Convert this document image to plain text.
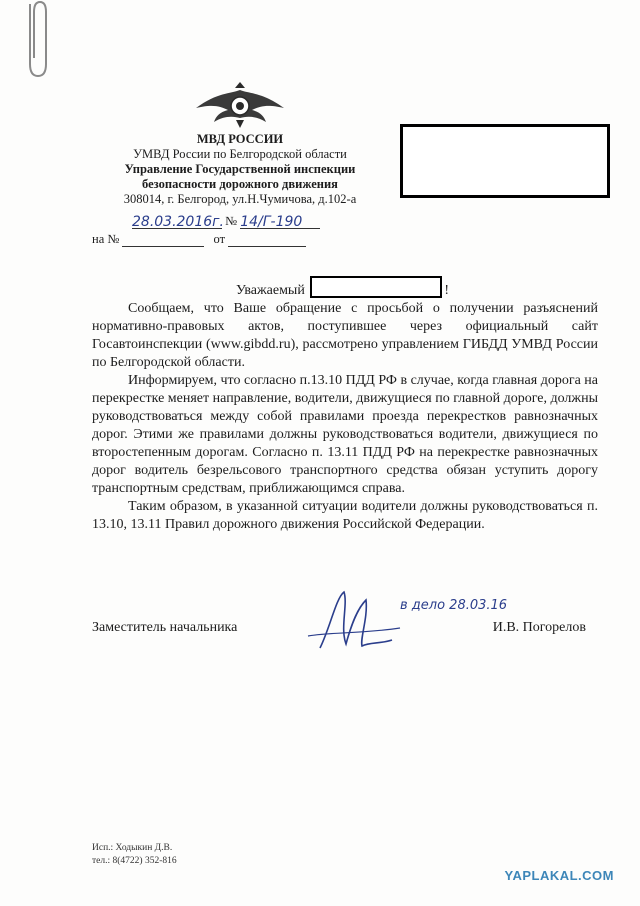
МВД РОССИИ
УМВД России по Белгородской области
Управление Государственной инспекции
безопасности дорожного движения
308014, г. Белгород, ул.Н.Чумичова, д.102-а
28.03.2016г. № 14/Г-190
на №	от
Уважаемый	!

Сообщаем, что Ваше обращение с просьбой о получении разъяснений нормативно-правовых актов, поступившее через официальный сайт Госавтоинспекции (www.gibdd.ru), рассмотрено управлением ГИБДД УМВД России по Белгородской области.

Информируем, что согласно п.13.10 ПДД РФ в случае, когда главная дорога на перекрестке меняет направление, водители, движущиеся по главной дороге, должны руководствоваться между собой правилами проезда перекрестков равнозначных дорог. Этими же правилами должны руководствоваться водители, движущиеся по второстепенным дорогам. Согласно п. 13.11 ПДД РФ на перекрестке равнозначных дорог водитель безрельсового транспортного средства обязан уступить дорогу транспортным средствам, приближающимся справа.

Таким образом, в указанной ситуации водители должны руководствоваться п. 13.10, 13.11 Правил дорожного движения Российской Федерации.

в дело 28.03.16
Заместитель начальника	И.В. Погорелов
Исп.: Ходыкин Д.В.
тел.: 8(4722) 352-816
YAPLAKAL.COM
